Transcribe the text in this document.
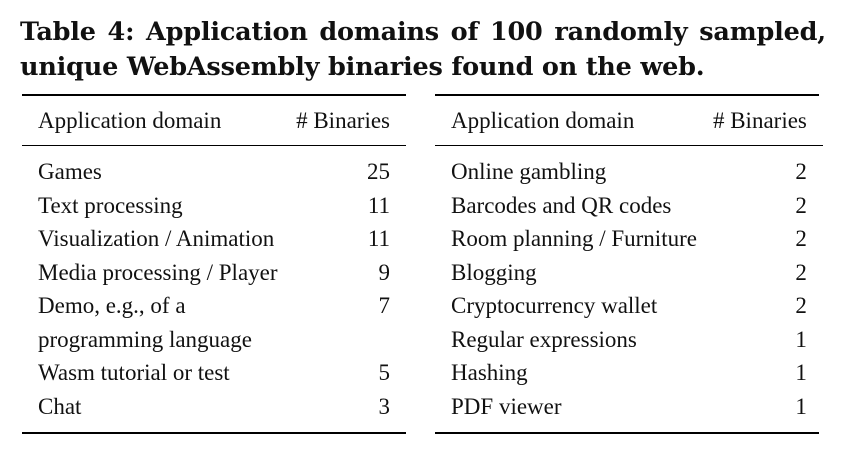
Table 4: Application domains of 100 randomly sampled,
unique WebAssembly binaries found on the web.
Application domain	# Binaries
Games	25
Text processing	11
Visualization / Animation	11
Media processing / Player	9
Demo, e.g., of a	7
programming language	
Wasm tutorial or test	5
Chat	3
Application domain	# Binaries
Online gambling	2
Barcodes and QR codes	2
Room planning / Furniture	2
Blogging	2
Cryptocurrency wallet	2
Regular expressions	1
Hashing	1
PDF viewer	1
